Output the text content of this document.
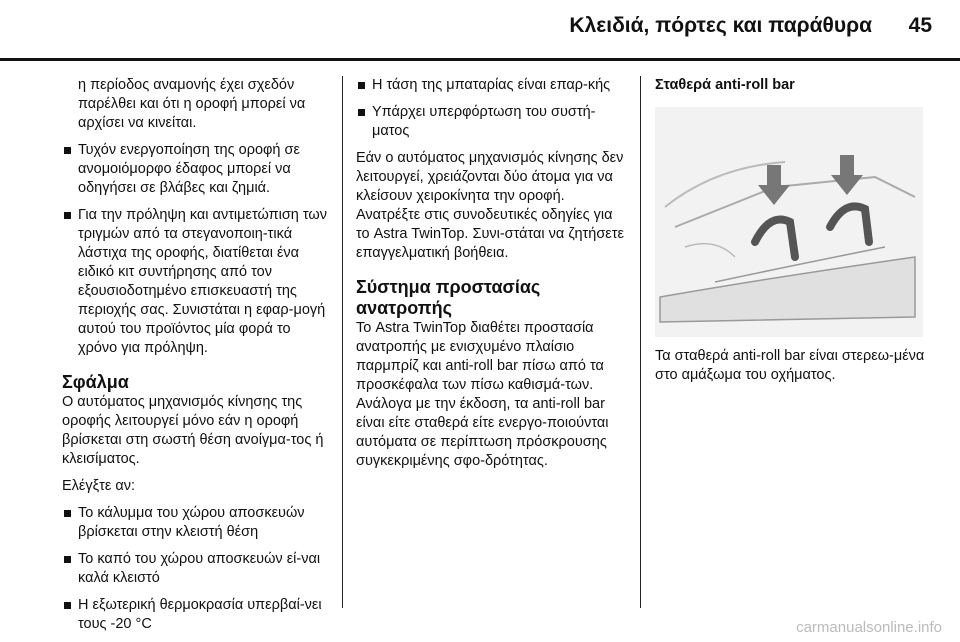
Κλειδιά, πόρτες και παράθυρα 45
η περίοδος αναμονής έχει σχεδόν παρέλθει και ότι η οροφή μπορεί να αρχίσει να κινείται.
Τυχόν ενεργοποίηση της οροφή σε ανομοιόμορφο έδαφος μπορεί να οδηγήσει σε βλάβες και ζημιά.
Για την πρόληψη και αντιμετώπιση των τριγμών από τα στεγανοποιη-τικά λάστιχα της οροφής, διατίθεται ένα ειδικό κιτ συντήρησης από τον εξουσιοδοτημένο επισκευαστή της περιοχής σας. Συνιστάται η εφαρ-μογή αυτού του προϊόντος μία φορά το χρόνο για πρόληψη.
Σφάλμα

Ο αυτόματος μηχανισμός κίνησης της οροφής λειτουργεί μόνο εάν η οροφή βρίσκεται στη σωστή θέση ανοίγμα-τος ή κλεισίματος.

Ελέγξτε αν:

Το κάλυμμα του χώρου αποσκευών βρίσκεται στην κλειστή θέση
Το καπό του χώρου αποσκευών εί-ναι καλά κλειστό
Η εξωτερική θερμοκρασία υπερβαί-νει τους -20 °C
Η τάση της μπαταρίας είναι επαρ-κής
Υπάρχει υπερφόρτωση του συστή-ματος

Εάν ο αυτόματος μηχανισμός κίνησης δεν λειτουργεί, χρειάζονται δύο άτομα για να κλείσουν χειροκίνητα την οροφή. Ανατρέξτε στις συνοδευτικές οδηγίες για το Astra TwinTop. Συνι-στάται να ζητήσετε επαγγελματική βοήθεια.

Σύστημα προστασίας ανατροπής

Το Astra TwinTop διαθέτει προστασία ανατροπής με ενισχυμένο πλαίσιο παρμπρίζ και anti-roll bar πίσω από τα προσκέφαλα των πίσω καθισμά-των. Ανάλογα με την έκδοση, τα anti-roll bar είναι είτε σταθερά είτε ενεργο-ποιούνται αυτόματα σε περίπτωση πρόσκρουσης συγκεκριμένης σφο-δρότητας.

Σταθερά anti-roll bar

Τα σταθερά anti-roll bar είναι στερεω-μένα στο αμάξωμα του οχήματος.

carmanualsonline.info
